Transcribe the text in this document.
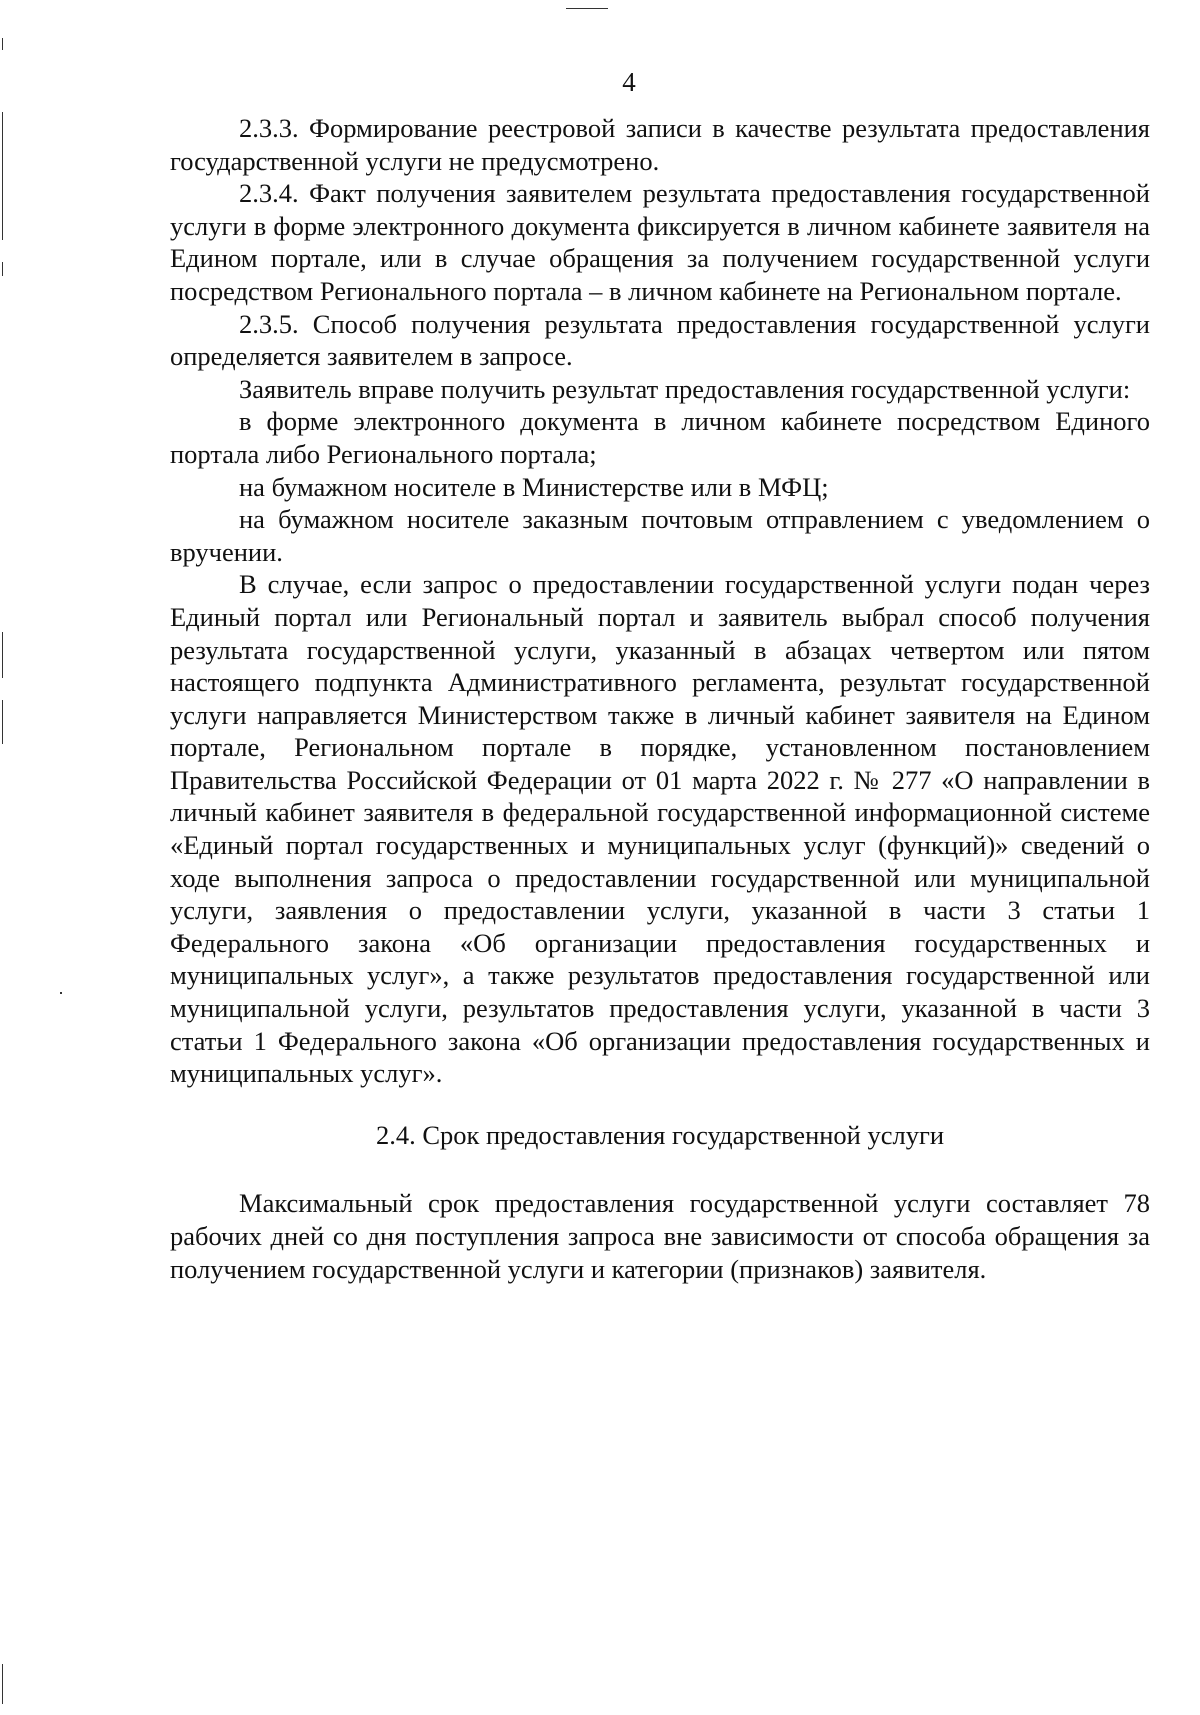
4

2.3.3. Формирование реестровой записи в качестве результата предоставления государственной услуги не предусмотрено.

2.3.4. Факт получения заявителем результата предоставления государственной услуги в форме электронного документа фиксируется в личном кабинете заявителя на Едином портале, или в случае обращения за получением государственной услуги посредством Регионального портала – в личном кабинете на Региональном портале.

2.3.5. Способ получения результата предоставления государственной услуги определяется заявителем в запросе.

Заявитель вправе получить результат предоставления государственной услуги:

в форме электронного документа в личном кабинете посредством Единого портала либо Регионального портала;

на бумажном носителе в Министерстве или в МФЦ;

на бумажном носителе заказным почтовым отправлением с уведомлением о вручении.

В случае, если запрос о предоставлении государственной услуги подан через Единый портал или Региональный портал и заявитель выбрал способ получения результата государственной услуги, указанный в абзацах четвертом или пятом настоящего подпункта Административного регламента, результат государственной услуги направляется Министерством также в личный кабинет заявителя на Едином портале, Региональном портале в порядке, установленном постановлением Правительства Российской Федерации от 01 марта 2022 г. № 277 «О направлении в личный кабинет заявителя в федеральной государственной информационной системе «Единый портал государственных и муниципальных услуг (функций)» сведений о ходе выполнения запроса о предоставлении государственной или муниципальной услуги, заявления о предоставлении услуги, указанной в части 3 статьи 1 Федерального закона «Об организации предоставления государственных и муниципальных услуг», а также результатов предоставления государственной или муниципальной услуги, результатов предоставления услуги, указанной в части 3 статьи 1 Федерального закона «Об организации предоставления государственных и муниципальных услуг».

2.4. Срок предоставления государственной услуги

Максимальный срок предоставления государственной услуги составляет 78 рабочих дней со дня поступления запроса вне зависимости от способа обращения за получением государственной услуги и категории (признаков) заявителя.
